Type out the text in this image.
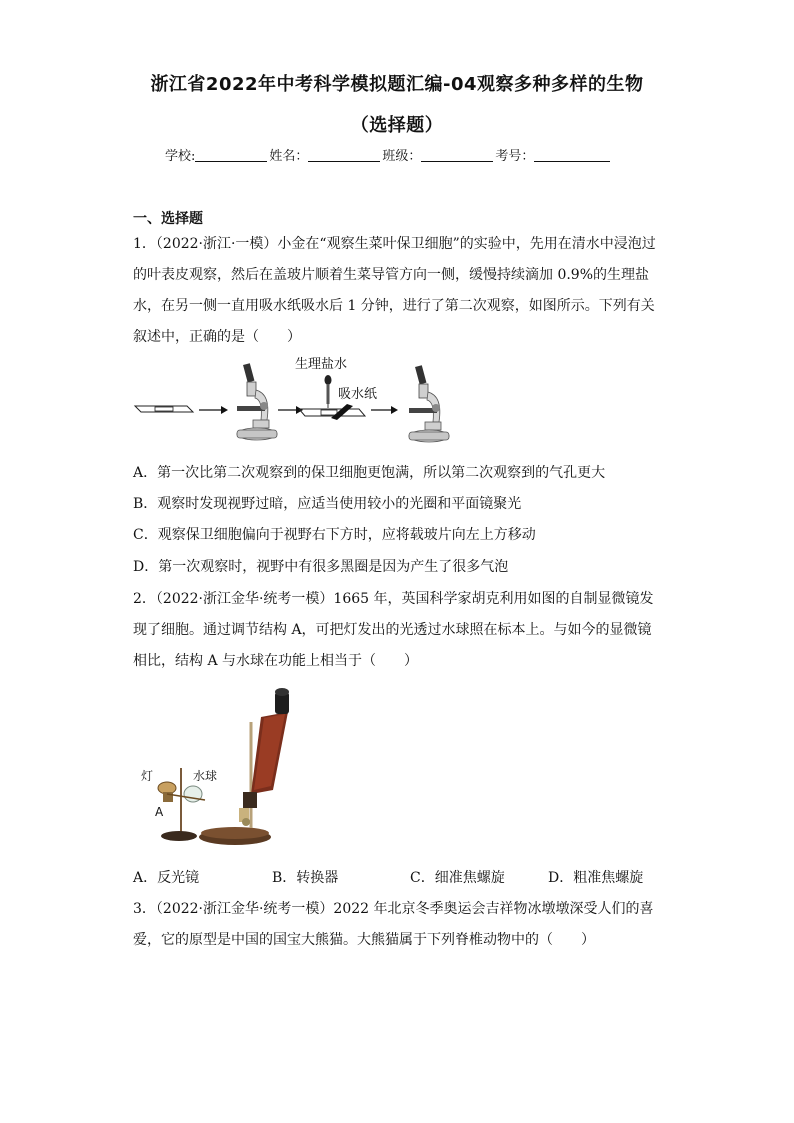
浙江省2022年中考科学模拟题汇编-04观察多种多样的生物
（选择题）
学校:	姓名：	班级：	考号：
一、选择题
1．（2022·浙江·一模）小金在“观察生菜叶保卫细胞”的实验中，先用在清水中浸泡过的叶表皮观察，然后在盖玻片顺着生菜导管方向一侧，缓慢持续滴加 0.9%的生理盐水，在另一侧一直用吸水纸吸水后 1 分钟，进行了第二次观察，如图所示。下列有关叙述中，正确的是（　　）
生理盐水
吸水纸
A．第一次比第二次观察到的保卫细胞更饱满，所以第二次观察到的气孔更大
B．观察时发现视野过暗，应适当使用较小的光圈和平面镜聚光
C．观察保卫细胞偏向于视野右下方时，应将载玻片向左上方移动
D．第一次观察时，视野中有很多黑圈是因为产生了很多气泡
2．（2022·浙江金华·统考一模）1665 年，英国科学家胡克利用如图的自制显微镜发现了细胞。通过调节结构 A，可把灯发出的光透过水球照在标本上。与如今的显微镜相比，结构 A 与水球在功能上相当于（　　）
灯	水球
A
A．反光镜	B．转换器	C．细准焦螺旋	D．粗准焦螺旋
3．（2022·浙江金华·统考一模）2022 年北京冬季奥运会吉祥物冰墩墩深受人们的喜爱，它的原型是中国的国宝大熊猫。大熊猫属于下列脊椎动物中的（　　）
